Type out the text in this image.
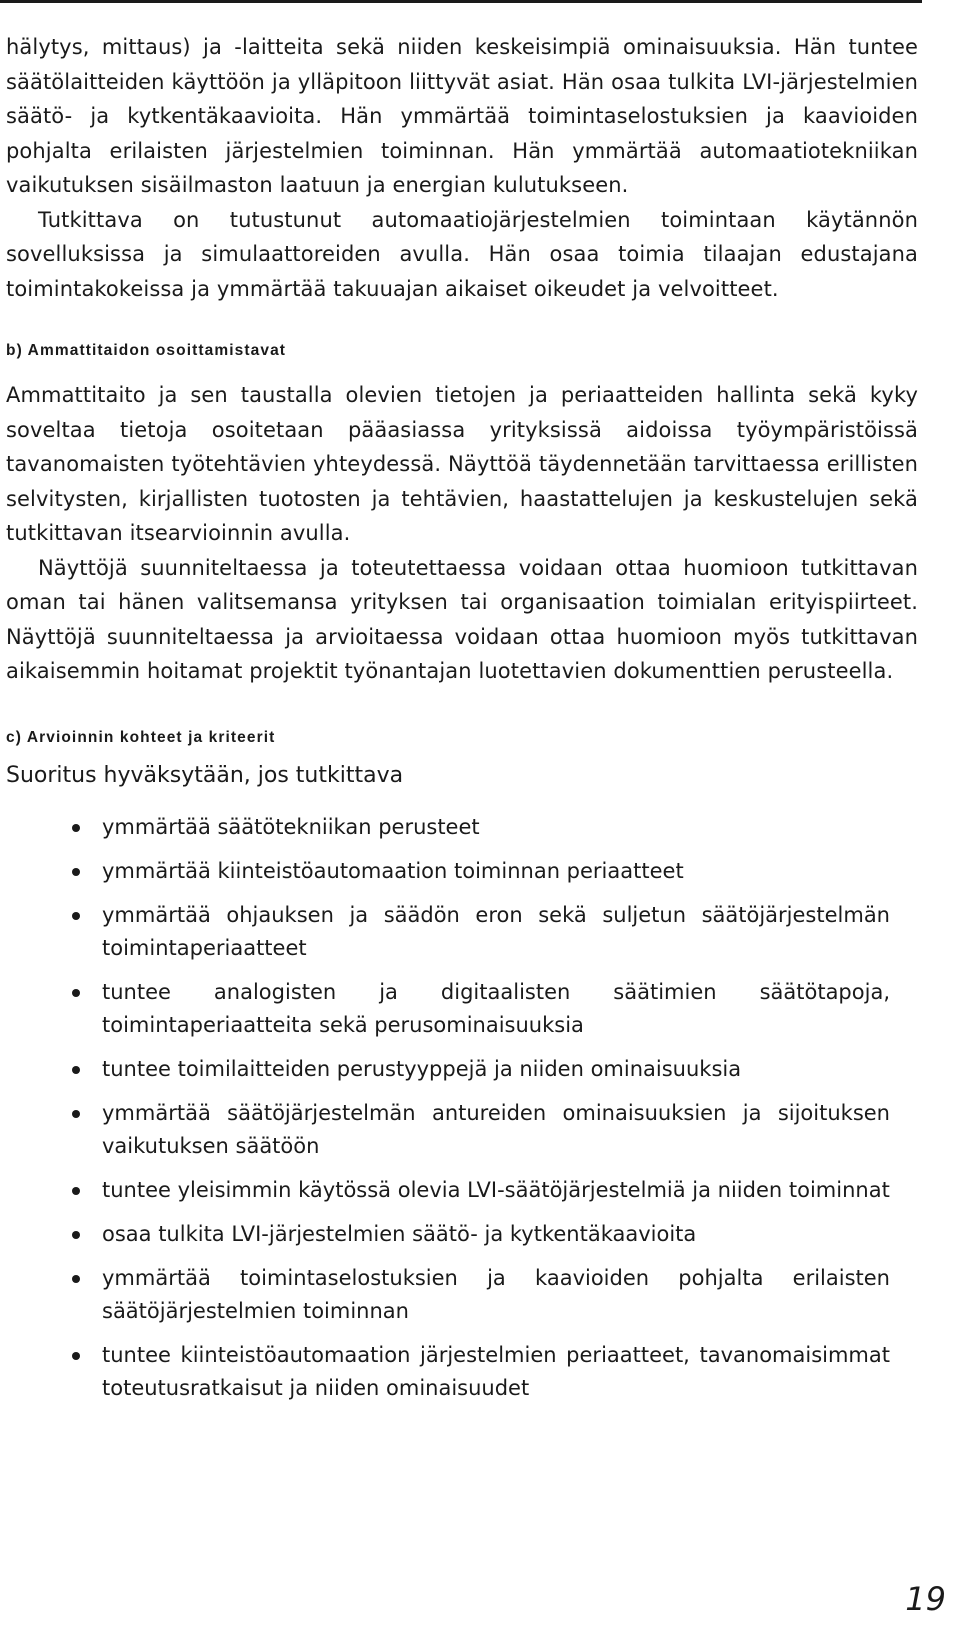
hälytys, mittaus) ja -laitteita sekä niiden keskeisimpiä ominaisuuksia. Hän tuntee säätölaitteiden käyttöön ja ylläpitoon liittyvät asiat. Hän osaa tulkita LVI-järjestelmien säätö- ja kytkentäkaavioita. Hän ymmärtää toimintaselostuksien ja kaavioiden pohjalta erilaisten järjestelmien toiminnan. Hän ymmärtää automaatiotekniikan vaikutuksen sisäilmaston laatuun ja energian kulutukseen.

Tutkittava on tutustunut automaatiojärjestelmien toimintaan käytännön sovelluksissa ja simulaattoreiden avulla. Hän osaa toimia tilaajan edustajana toimintakokeissa ja ymmärtää takuuajan aikaiset oikeudet ja velvoitteet.

b) Ammattitaidon osoittamistavat

Ammattitaito ja sen taustalla olevien tietojen ja periaatteiden hallinta sekä kyky soveltaa tietoja osoitetaan pääasiassa yrityksissä aidoissa työympäristöissä tavanomaisten työtehtävien yhteydessä. Näyttöä täydennetään tarvittaessa erillisten selvitysten, kirjallisten tuotosten ja tehtävien, haastattelujen ja keskustelujen sekä tutkittavan itsearvioinnin avulla.

Näyttöjä suunniteltaessa ja toteutettaessa voidaan ottaa huomioon tutkittavan oman tai hänen valitsemansa yrityksen tai organisaation toimialan erityispiirteet. Näyttöjä suunniteltaessa ja arvioitaessa voidaan ottaa huomioon myös tutkittavan aikaisemmin hoitamat projektit työnantajan luotettavien dokumenttien perusteella.

c) Arvioinnin kohteet ja kriteerit

Suoritus hyväksytään, jos tutkittava

ymmärtää säätötekniikan perusteet
ymmärtää kiinteistöautomaation toiminnan periaatteet
ymmärtää ohjauksen ja säädön eron sekä suljetun säätöjärjestelmän toimintaperiaatteet
tuntee analogisten ja digitaalisten säätimien säätötapoja, toimintaperiaatteita sekä perusominaisuuksia
tuntee toimilaitteiden perustyyppejä ja niiden ominaisuuksia
ymmärtää säätöjärjestelmän antureiden ominaisuuksien ja sijoituksen vaikutuksen säätöön
tuntee yleisimmin käytössä olevia LVI-säätöjärjestelmiä ja niiden toiminnat
osaa tulkita LVI-järjestelmien säätö- ja kytkentäkaavioita
ymmärtää toimintaselostuksien ja kaavioiden pohjalta erilaisten säätöjärjestelmien toiminnan
tuntee kiinteistöautomaation järjestelmien periaatteet, tavanomaisimmat toteutusratkaisut ja niiden ominaisuudet
19
